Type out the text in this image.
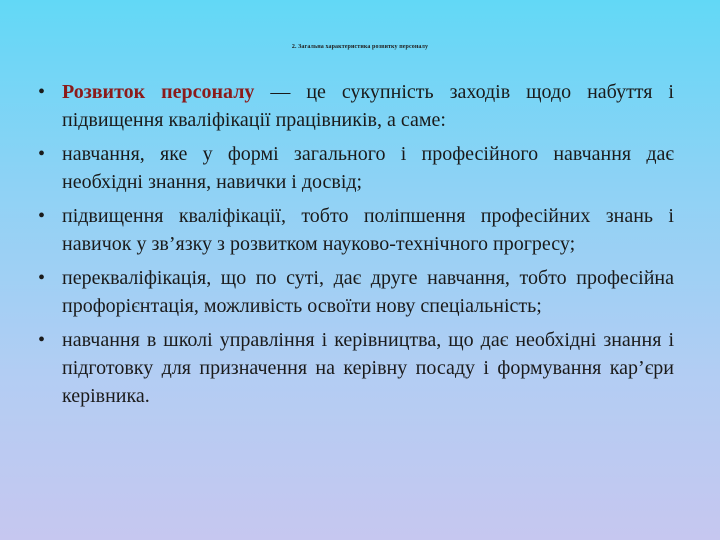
2. Загальна характеристика розвитку персоналу
• Розвиток персоналу — це сукупність заходів щодо набуття і підвищення кваліфікації працівників, а саме:
• навчання, яке у формі загального і професійного навчання дає необхідні знання, навички і досвід;
• підвищення кваліфікації, тобто поліпшення професійних знань і навичок у зв’язку з розвитком науково-технічного прогресу;
• перекваліфікація, що по суті, дає друге навчання, тобто професійна профорієнтація, можливість освоїти нову спеціальність;
• навчання в школі управління і керівництва, що дає необхідні знання і підготовку для призначення на керівну посаду і формування кар’єри керівника.
